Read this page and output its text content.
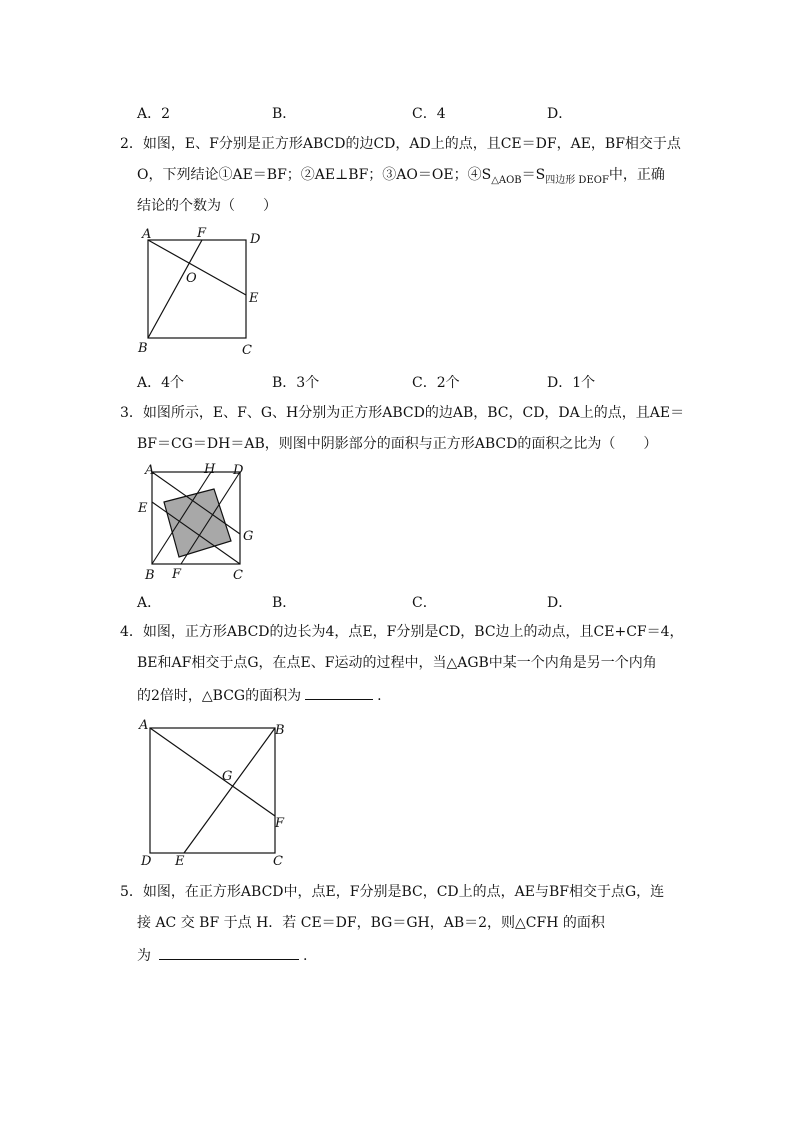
A．2	B．	C．4	D．
2．如图，E、F分别是正方形ABCD的边CD，AD上的点，且CE＝DF，AE，BF相交于点
O，下列结论①AE＝BF；②AE⊥BF；③AO＝OE；$④S_{\triangle AOB}=S_{四边形 DEOF}$中，正确
结论的个数为（　　）
A	F	D
O
E
B	C
A．4个	B．3个	C．2个	D．1个
3．如图所示，E、F、G、H分别为正方形ABCD的边AB，BC，CD，DA上的点，且AE＝
BF＝CG＝DH＝AB，则图中阴影部分的面积与正方形ABCD的面积之比为（　　）
A	H D
E
G
B F	C
A．	B．	C．	D．
4．如图，正方形ABCD的边长为4，点E，F分别是CD，BC边上的动点，且CE+CF＝4，
BE和AF相交于点G，在点E、F运动的过程中，当△AGB中某一个内角是另一个内角
的2倍时，△BCG的面积为	.
A	B
G
F
D E	C
5．如图，在正方形ABCD中，点E，F分别是BC，CD上的点，AE与BF相交于点G，连
接 AC 交 BF 于点 H．若 CE＝DF，BG＝GH，AB＝2，则△CFH 的面积
为	.
